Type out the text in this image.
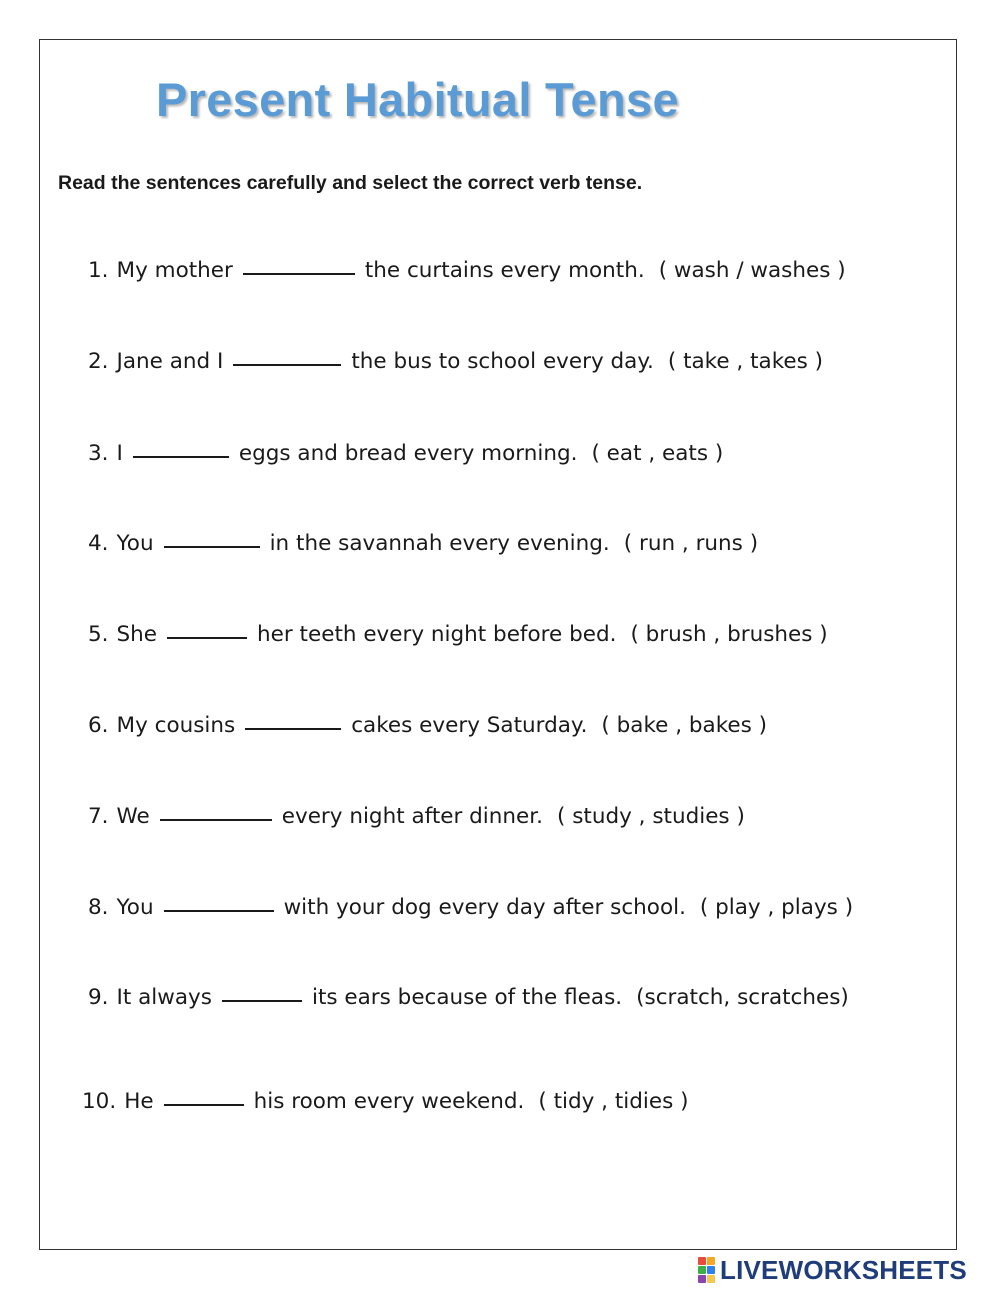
Present Habitual Tense
Read the sentences carefully and select the correct verb tense.
1. My mother	the curtains every month. ( wash / washes )
2. Jane and I	the bus to school every day. ( take , takes )
3. I	eggs and bread every morning. ( eat , eats )
4. You	in the savannah every evening. ( run , runs )
5. She	her teeth every night before bed. ( brush , brushes )
6. My cousins	cakes every Saturday. ( bake , bakes )
7. We	every night after dinner. ( study , studies )
8. You	with your dog every day after school. ( play , plays )
9. It always	its ears because of the fleas. (scratch, scratches)
10. He	his room every weekend. ( tidy , tidies )
LIVEWORKSHEETS
